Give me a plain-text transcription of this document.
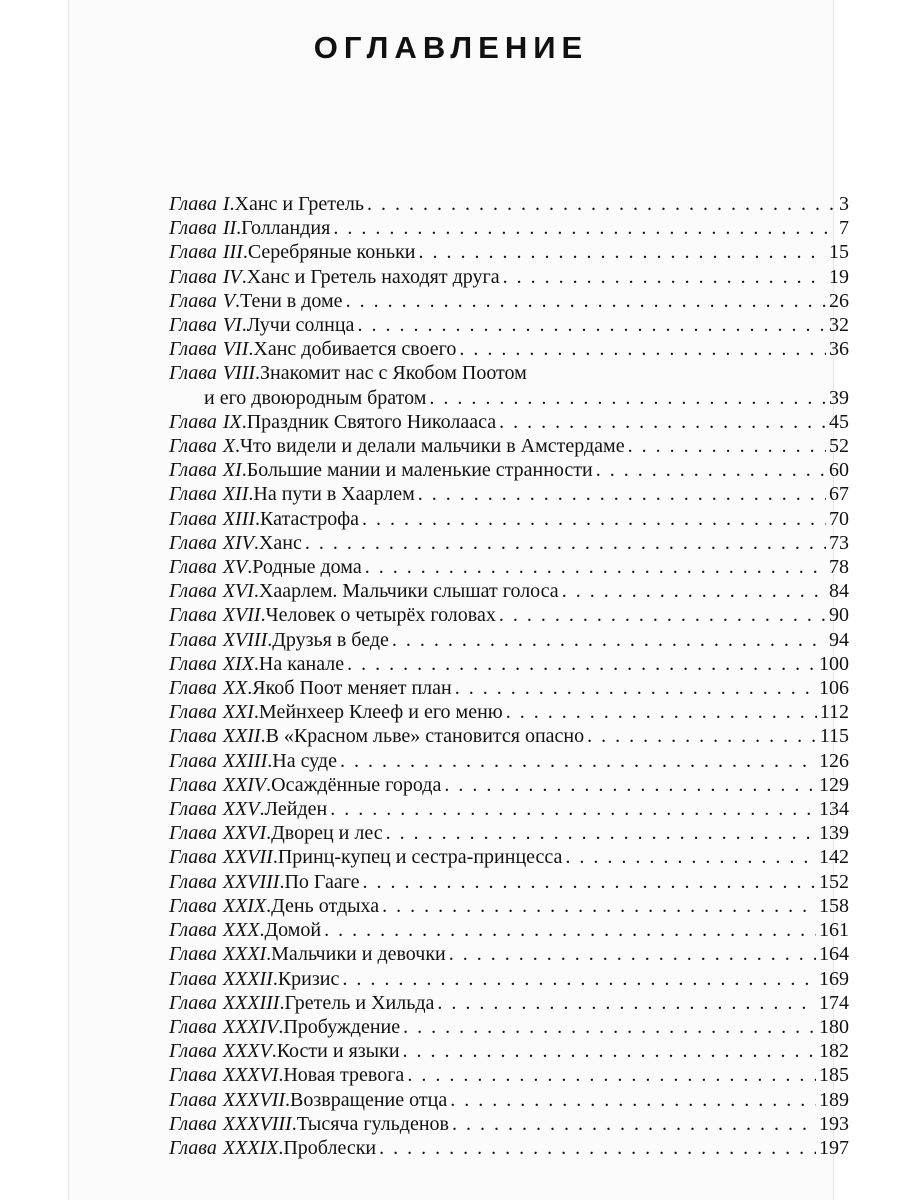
ОГЛАВЛЕНИЕ
Глава I . Ханс и Гретель . . .	3
Глава II . Голландия . . .	7
Глава III . Серебряные коньки . . .	15
Глава IV . Ханс и Гретель находят друга . . .	19
Глава V . Тени в доме . . .	26
Глава VI . Лучи солнца . . .	32
Глава VII . Ханс добивается своего . . .	36
Глава VIII . Знакомит нас с Якобом Поотом
и его двоюродным братом . . .	39
Глава IX . Праздник Святого Николааса . . .	45
Глава X . Что видели и делали мальчики в Амстердаме . . .	52
Глава XI . Большие мании и маленькие странности . . .	60
Глава XII . На пути в Хаарлем . . .	67
Глава XIII . Катастрофа . . .	70
Глава XIV . Ханс . . .	73
Глава XV . Родные дома . . .	78
Глава XVI . Хаарлем. Мальчики слышат голоса . . .	84
Глава XVII . Человек о четырёх головах . . .	90
Глава XVIII . Друзья в беде . . .	94
Глава XIX . На канале . . .	100
Глава XX . Якоб Поот меняет план . . .	106
Глава XXI . Мейнхеер Клееф и его меню . . .	112
Глава XXII . В «Красном льве» становится опасно . . .	115
Глава XXIII . На суде . . .	126
Глава XXIV . Осаждённые города . . .	129
Глава XXV . Лейден . . .	134
Глава XXVI . Дворец и лес . . .	139
Глава XXVII . Принц-купец и сестра-принцесса . . .	142
Глава XXVIII . По Гааге . . .	152
Глава XXIX . День отдыха . . .	158
Глава XXX . Домой . . .	161
Глава XXXI . Мальчики и девочки . . .	164
Глава XXXII . Кризис . . .	169
Глава XXXIII . Гретель и Хильда . . .	174
Глава XXXIV . Пробуждение . . .	180
Глава XXXV . Кости и языки . . .	182
Глава XXXVI . Новая тревога . . .	185
Глава XXXVII . Возвращение отца . . .	189
Глава XXXVIII . Тысяча гульденов . . .	193
Глава XXXIX . Проблески . . .	197
